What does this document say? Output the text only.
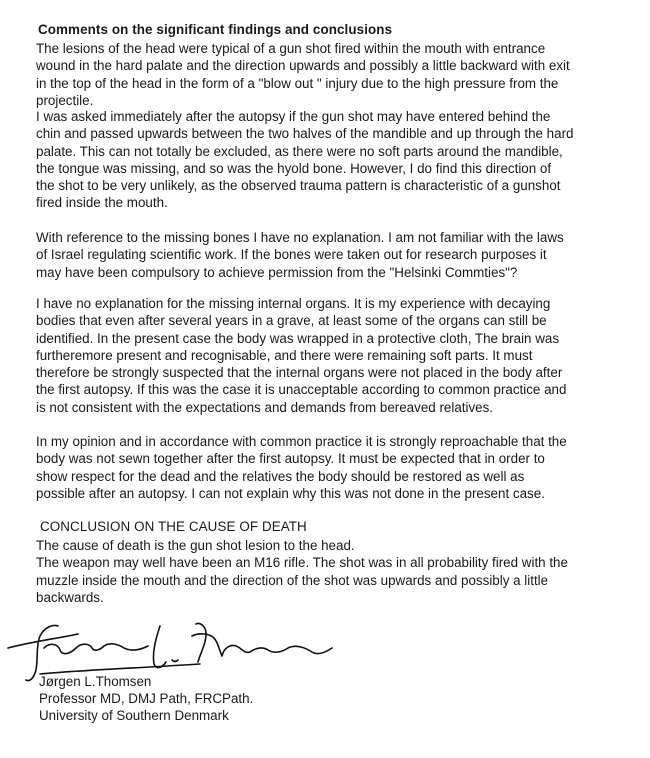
Comments on the significant findings and conclusions
The lesions of the head were typical of a gun shot fired within the mouth with entrance
wound in the hard palate and the direction upwards and possibly a little backward with exit
in the top of the head in the form of a "blow out " injury due to the high pressure from the
projectile.
I was asked immediately after the autopsy if the gun shot may have entered behind the
chin and passed upwards between the two halves of the mandible and up through the hard
palate. This can not totally be excluded, as there were no soft parts around the mandible,
the tongue was missing, and so was the hyold bone. However, I do find this direction of
the shot to be very unlikely, as the observed trauma pattern is characteristic of a gunshot
fired inside the mouth.
With reference to the missing bones I have no explanation. I am not familiar with the laws
of Israel regulating scientific work. If the bones were taken out for research purposes it
may have been compulsory to achieve permission from the "Helsinki Commties"?
I have no explanation for the missing internal organs. It is my experience with decaying
bodies that even after several years in a grave, at least some of the organs can still be
identified. In the present case the body was wrapped in a protective cloth, The brain was
furtheremore present and recognisable, and there were remaining soft parts. It must
therefore be strongly suspected that the internal organs were not placed in the body after
the first autopsy. If this was the case it is unacceptable according to common practice and
is not consistent with the expectations and demands from bereaved relatives.
In my opinion and in accordance with common practice it is strongly reproachable that the
body was not sewn together after the first autopsy. It must be expected that in order to
show respect for the dead and the relatives the body should be restored as well as
possible after an autopsy. I can not explain why this was not done in the present case.
CONCLUSION ON THE CAUSE OF DEATH
The cause of death is the gun shot lesion to the head.
The weapon may well have been an M16 rifle. The shot was in all probability fired with the
muzzle inside the mouth and the direction of the shot was upwards and possibly a little
backwards.
Jørgen L.Thomsen
Professor MD, DMJ Path, FRCPath.
University of Southern Denmark
